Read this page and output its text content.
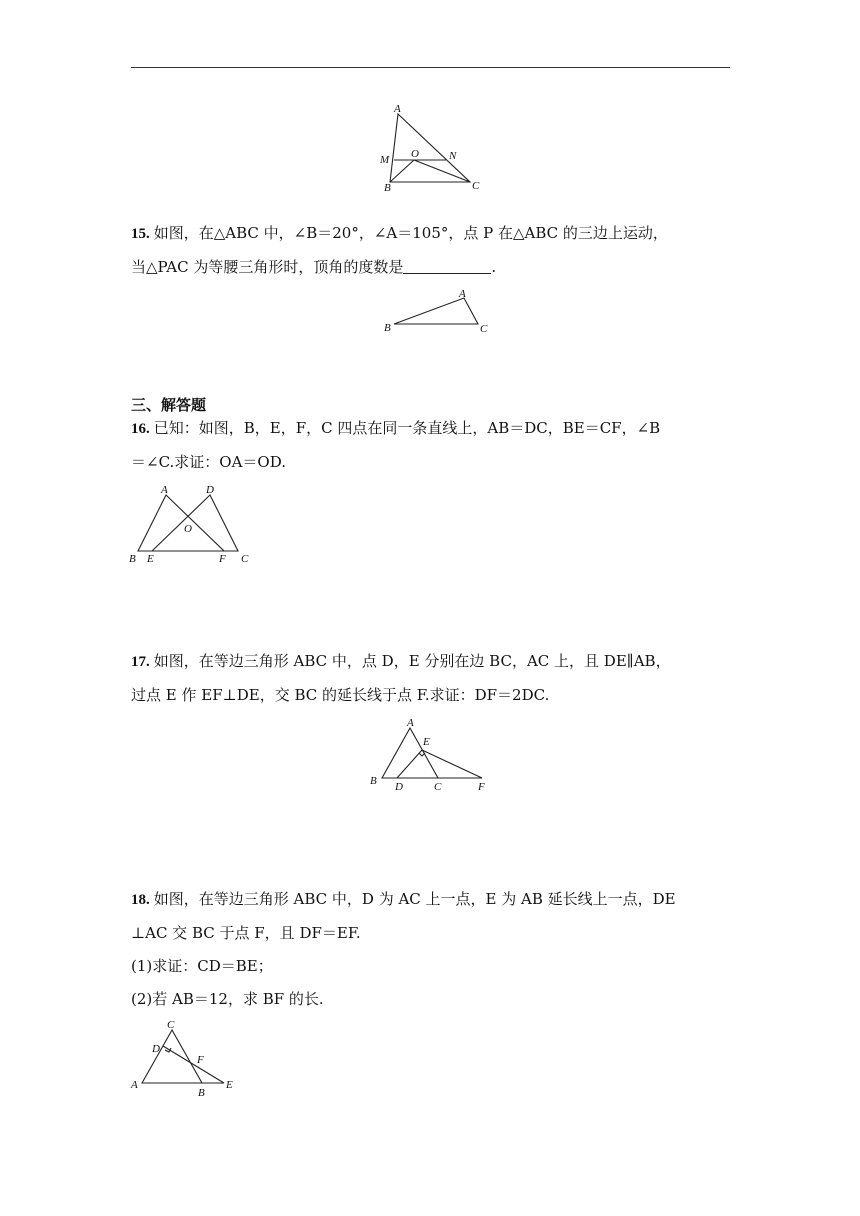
A
M O	N
B	C
15. 如图，在△ABC 中，∠B＝20°，∠A＝105°，点 P 在△ABC 的三边上运动，
当△PAC 为等腰三角形时，顶角的度数是	.
A
B	C
三、解答题
16. 已知：如图，B，E，F，C 四点在同一条直线上，AB＝DC，BE＝CF，∠B
＝∠C.求证：OA＝OD.
A	D
O
B E	F C
17. 如图，在等边三角形 ABC 中，点 D，E 分别在边 BC，AC 上，且 DE∥AB，
过点 E 作 EF⊥DE，交 BC 的延长线于点 F.求证：DF＝2DC.
A
E
B D	C	F
18. 如图，在等边三角形 ABC 中，D 为 AC 上一点，E 为 AB 延长线上一点，DE
⊥AC 交 BC 于点 F，且 DF＝EF.
(1)求证：CD＝BE；
(2)若 AB＝12，求 BF 的长.
C
D
F
A
B
E
